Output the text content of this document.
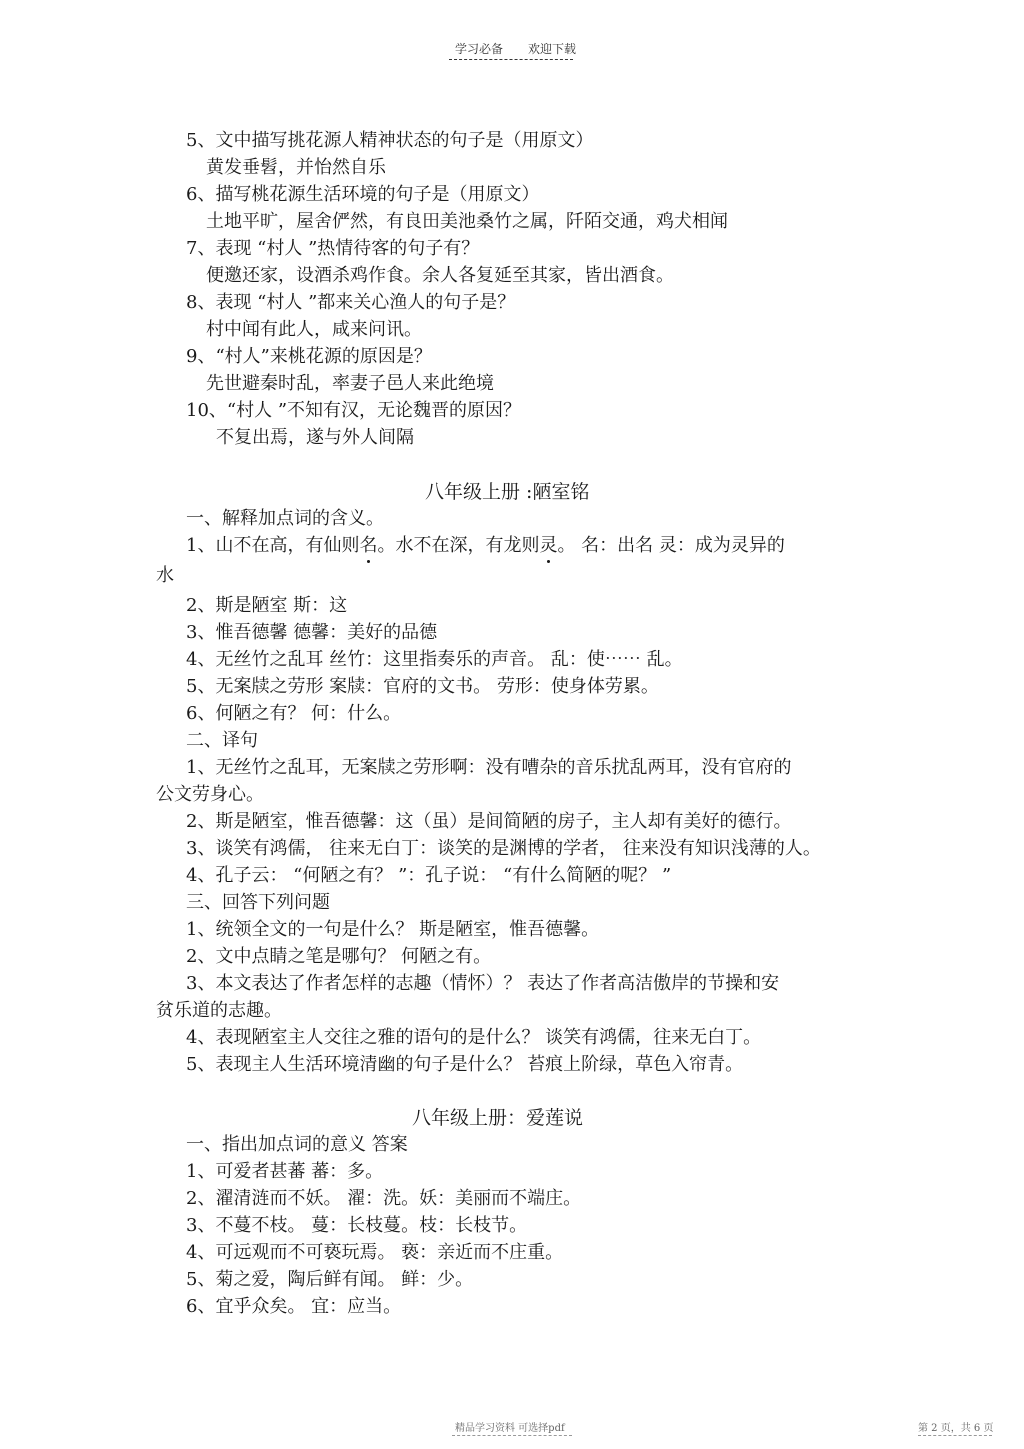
学习必备 欢迎下载
5、文中描写挑花源人精神状态的句子是（用原文）
黄发垂髫，并怡然自乐
6、描写桃花源生活环境的句子是（用原文）
土地平旷，屋舍俨然，有良田美池桑竹之属，阡陌交通，鸡犬相闻
7、表现 “村人 ”热情待客的句子有？
便邀还家，设酒杀鸡作食。余人各复延至其家，皆出酒食。
8、表现 “村人 ”都来关心渔人的句子是？
村中闻有此人，咸来问讯。
9、“村人”来桃花源的原因是？
先世避秦时乱，率妻子邑人来此绝境
10、“村人 ”不知有汉，无论魏晋的原因？
不复出焉，遂与外人间隔
八年级上册 :陋室铭
一、解释加点词的含义。
1、山不在高，有仙则名。水不在深，有龙则灵。 名：出名 灵：成为灵异的
水
2、斯是陋室 斯：这
3、惟吾德馨 德馨：美好的品德
4、无丝竹之乱耳 丝竹：这里指奏乐的声音。 乱：使⋯⋯ 乱。
5、无案牍之劳形 案牍：官府的文书。 劳形：使身体劳累。
6、何陋之有？ 何：什么。
二、译句
1、无丝竹之乱耳，无案牍之劳形啊：没有嘈杂的音乐扰乱两耳，没有官府的
公文劳身心。
2、斯是陋室，惟吾德馨：这（虽）是间简陋的房子，主人却有美好的德行。
3、谈笑有鸿儒， 往来无白丁：谈笑的是渊博的学者， 往来没有知识浅薄的人。
4、孔子云： “何陋之有？ ”：孔子说： “有什么简陋的呢？ ”
三、回答下列问题
1、统领全文的一句是什么？ 斯是陋室，惟吾德馨。
2、文中点睛之笔是哪句？ 何陋之有。
3、本文表达了作者怎样的志趣（情怀）？ 表达了作者高洁傲岸的节操和安
贫乐道的志趣。
4、表现陋室主人交往之雅的语句的是什么？ 谈笑有鸿儒，往来无白丁。
5、表现主人生活环境清幽的句子是什么？ 苔痕上阶绿，草色入帘青。
八年级上册：爱莲说
一、指出加点词的意义 答案
1、可爱者甚蕃 蕃：多。
2、濯清涟而不妖。 濯：洗。妖：美丽而不端庄。
3、不蔓不枝。 蔓：长枝蔓。枝：长枝节。
4、可远观而不可亵玩焉。 亵：亲近而不庄重。
5、菊之爱，陶后鲜有闻。 鲜：少。
6、宜乎众矣。 宜：应当。
精品学习资料 可选择pdf	第 2 页，共 6 页
